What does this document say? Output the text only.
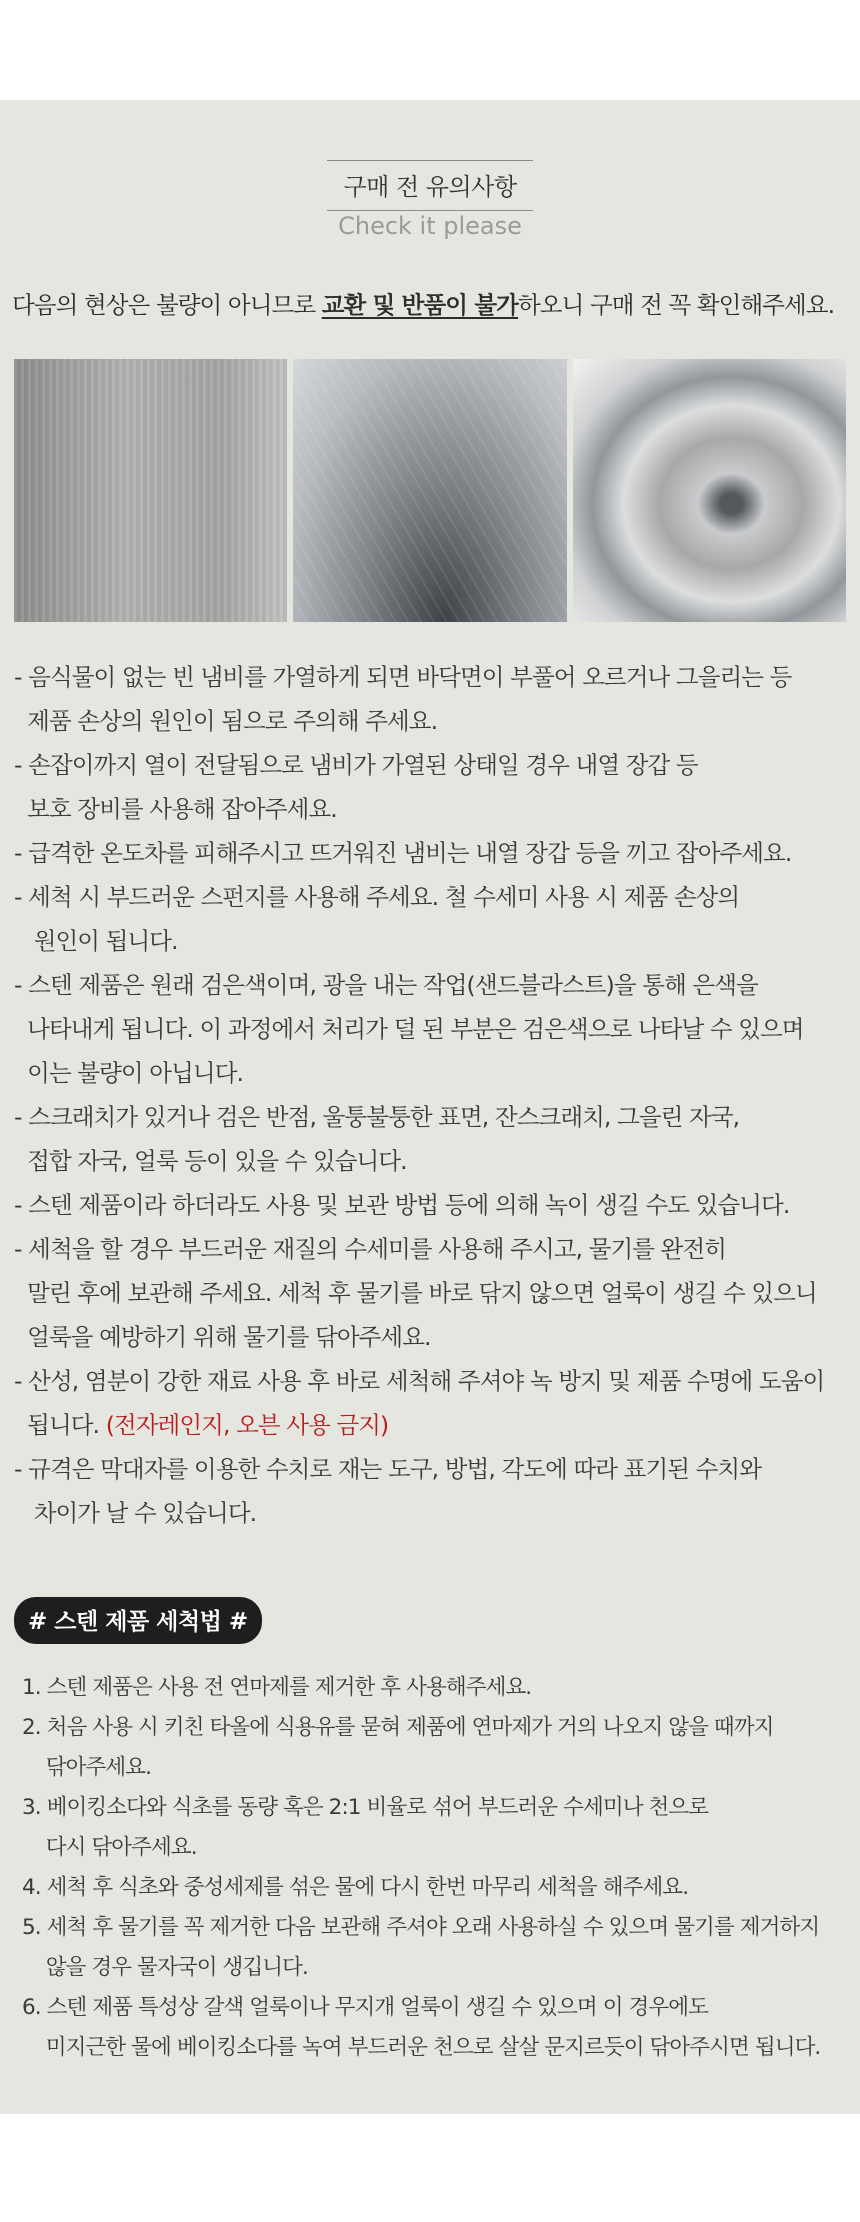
구매 전 유의사항
Check it please
다음의 현상은 불량이 아니므로 교환 및 반품이 불가하오니 구매 전 꼭 확인해주세요.
- 음식물이 없는 빈 냄비를 가열하게 되면 바닥면이 부풀어 오르거나 그을리는 등
제품 손상의 원인이 됨으로 주의해 주세요.
- 손잡이까지 열이 전달됨으로 냄비가 가열된 상태일 경우 내열 장갑 등
보호 장비를 사용해 잡아주세요.
- 급격한 온도차를 피해주시고 뜨거워진 냄비는 내열 장갑 등을 끼고 잡아주세요.
- 세척 시 부드러운 스펀지를 사용해 주세요. 철 수세미 사용 시 제품 손상의
원인이 됩니다.
- 스텐 제품은 원래 검은색이며, 광을 내는 작업(샌드블라스트)을 통해 은색을
나타내게 됩니다. 이 과정에서 처리가 덜 된 부분은 검은색으로 나타날 수 있으며
이는 불량이 아닙니다.
- 스크래치가 있거나 검은 반점, 울퉁불퉁한 표면, 잔스크래치, 그을린 자국,
접합 자국, 얼룩 등이 있을 수 있습니다.
- 스텐 제품이라 하더라도 사용 및 보관 방법 등에 의해 녹이 생길 수도 있습니다.
- 세척을 할 경우 부드러운 재질의 수세미를 사용해 주시고, 물기를 완전히
말린 후에 보관해 주세요. 세척 후 물기를 바로 닦지 않으면 얼룩이 생길 수 있으니
얼룩을 예방하기 위해 물기를 닦아주세요.
- 산성, 염분이 강한 재료 사용 후 바로 세척해 주셔야 녹 방지 및 제품 수명에 도움이
됩니다. (전자레인지, 오븐 사용 금지)
- 규격은 막대자를 이용한 수치로 재는 도구, 방법, 각도에 따라 표기된 수치와
차이가 날 수 있습니다.
# 스텐 제품 세척법 #
1. 스텐 제품은 사용 전 연마제를 제거한 후 사용해주세요.
2. 처음 사용 시 키친 타올에 식용유를 묻혀 제품에 연마제가 거의 나오지 않을 때까지
닦아주세요.
3. 베이킹소다와 식초를 동량 혹은 2:1 비율로 섞어 부드러운 수세미나 천으로
다시 닦아주세요.
4. 세척 후 식초와 중성세제를 섞은 물에 다시 한번 마무리 세척을 해주세요.
5. 세척 후 물기를 꼭 제거한 다음 보관해 주셔야 오래 사용하실 수 있으며 물기를 제거하지
않을 경우 물자국이 생깁니다.
6. 스텐 제품 특성상 갈색 얼룩이나 무지개 얼룩이 생길 수 있으며 이 경우에도
미지근한 물에 베이킹소다를 녹여 부드러운 천으로 살살 문지르듯이 닦아주시면 됩니다.
